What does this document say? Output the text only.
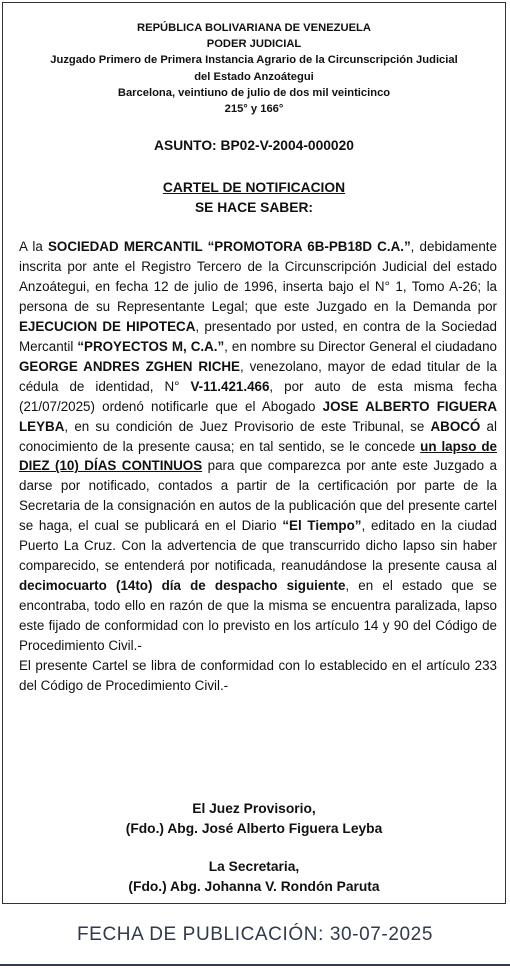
REPÚBLICA BOLIVARIANA DE VENEZUELA
PODER JUDICIAL
Juzgado Primero de Primera Instancia Agrario de la Circunscripción Judicial
del Estado Anzoátegui
Barcelona, veintiuno de julio de dos mil veinticinco
215° y 166°
ASUNTO: BP02-V-2004-000020
CARTEL DE NOTIFICACION
SE HACE SABER:

A la SOCIEDAD MERCANTIL “PROMOTORA 6B-PB18D C.A.”, debidamente inscrita por ante el Registro Tercero de la Circunscripción Judicial del estado Anzoátegui, en fecha 12 de julio de 1996, inserta bajo el N° 1, Tomo A-26; la persona de su Representante Legal; que este Juzgado en la Demanda por EJECUCION DE HIPOTECA, presentado por usted, en contra de la Sociedad Mercantil “PROYECTOS M, C.A.”, en nombre su Director General el ciudadano GEORGE ANDRES ZGHEN RICHE, venezolano, mayor de edad titular de la cédula de identidad, N° V-11.421.466, por auto de esta misma fecha (21/07/2025) ordenó notificarle que el Abogado JOSE ALBERTO FIGUERA LEYBA, en su condición de Juez Provisorio de este Tribunal, se ABOCÓ al conocimiento de la presente causa; en tal sentido, se le concede un lapso de DIEZ (10) DÍAS CONTINUOS para que comparezca por ante este Juzgado a darse por notificado, contados a partir de la certificación por parte de la Secretaria de la consignación en autos de la publicación que del presente cartel se haga, el cual se publicará en el Diario “El Tiempo”, editado en la ciudad Puerto La Cruz. Con la advertencia de que transcurrido dicho lapso sin haber comparecido, se entenderá por notificada, reanudándose la presente causa al decimocuarto (14to) día de despacho siguiente, en el estado que se encontraba, todo ello en razón de que la misma se encuentra paralizada, lapso este fijado de conformidad con lo previsto en los artículo 14 y 90 del Código de Procedimiento Civil.-

El presente Cartel se libra de conformidad con lo establecido en el artículo 233 del Código de Procedimiento Civil.-

El Juez Provisorio,
(Fdo.) Abg. José Alberto Figuera Leyba
La Secretaria,
(Fdo.) Abg. Johanna V. Rondón Paruta
FECHA DE PUBLICACIÓN: 30-07-2025
